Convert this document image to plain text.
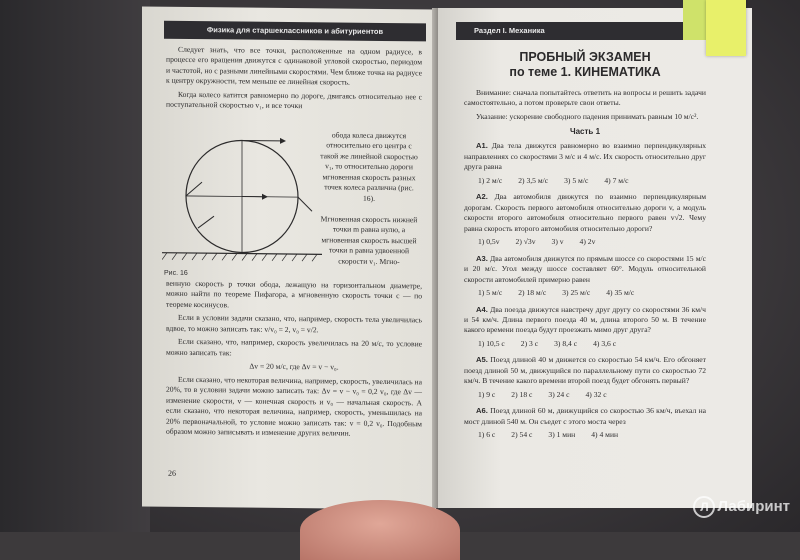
Физика для старшеклассников и абитуриентов

Следует знать, что все точки, расположенные на одном радиусе, в процессе его вращения движутся с одинаковой угловой скоростью, периодом и частотой, но с разными линейными скоростями. Чем ближе точка на радиусе к центру окружности, тем меньше ее линейная скорость.

Когда колесо катится равномерно по дороге, двигаясь относительно нее с поступательной скоростью v₁, и все точки

Рис. 16
обода колеса движутся относительно его центра с такой же линейной скоростью v₁, то относительно дороги мгновенная скорость разных точек колеса различна (рис. 16).
Мгновенная скорость нижней точки m равна нулю, а мгновенная скорость высшей точки n равна удвоенной скорости v₁. Мгно-

венную скорость p точки обода, лежащую на горизонтальном диаметре, можно найти по теореме Пифагора, а мгновенную скорость точки c — по теореме косинусов.

Если в условии задачи сказано, что, например, скорость тела увеличилась вдвое, то можно записать так: v/v₀ = 2, v₀ = v/2.

Если сказано, что, например, скорость увеличилась на 20 м/с, то условие можно записать так:

Δv = 20 м/с, где Δv = v − v₀.

Если сказано, что некоторая величина, например, скорость, увеличилась на 20%, то в условии задачи можно записать так: Δv = v − v₀ = 0,2 v₀, где Δv — изменение скорости, v — конечная скорость и v₀ — начальная скорость. А если сказано, что некоторая величина, например, скорость, уменьшилась на 20% первоначальной, то условие можно записать так: v = 0,2 v₀. Подобным образом можно записывать и изменение других величин.

26
Раздел I. Механика
ПРОБНЫЙ ЭКЗАМЕН
по теме 1. КИНЕМАТИКА

Внимание: сначала попытайтесь ответить на вопросы и решить задачи самостоятельно, а потом проверьте свои ответы.

Указание: ускорение свободного падения принимать равным 10 м/с².

Часть 1

A1. Два тела движутся равномерно во взаимно перпендикулярных направлениях со скоростями 3 м/с и 4 м/с. Их скорость относительно друг друга равна

1) 2 м/с 2) 3,5 м/с 3) 5 м/с 4) 7 м/с

A2. Два автомобиля движутся по взаимно перпендикулярным дорогам. Скорость первого автомобиля относительно дороги v, а модуль скорости второго автомобиля относительно первого равен v√2. Чему равна скорость второго автомобиля относительно дороги?

1) 0,5v 2) √3v 3) v 4) 2v

A3. Два автомобиля движутся по прямым шоссе со скоростями 15 м/с и 20 м/с. Угол между шоссе составляет 60°. Модуль относительной скорости автомобилей примерно равен

1) 5 м/с 2) 18 м/с 3) 25 м/с 4) 35 м/с

A4. Два поезда движутся навстречу друг другу со скоростями 36 км/ч и 54 км/ч. Длина первого поезда 40 м, длина второго 50 м. В течение какого времени поезда будут проезжать мимо друг друга?

1) 10,5 с 2) 3 с 3) 8,4 с 4) 3,6 с

A5. Поезд длиной 40 м движется со скоростью 54 км/ч. Его обгоняет поезд длиной 50 м, движущийся по параллельному пути со скоростью 72 км/ч. В течение какого времени второй поезд будет обгонять первый?

1) 9 с 2) 18 с 3) 24 с 4) 32 с

A6. Поезд длиной 60 м, движущийся со скоростью 36 км/ч, въехал на мост длиной 540 м. Он съедет с этого моста через

1) 6 с 2) 54 с 3) 1 мин 4) 4 мин
Л Лабиринт
